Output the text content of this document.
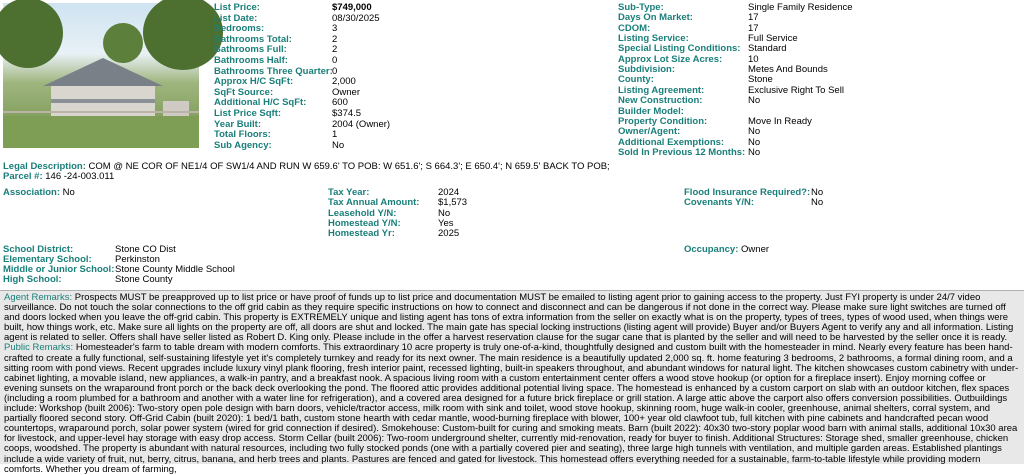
List Price:	$749,000
List Date:	08/30/2025
Bedrooms:	3
Bathrooms Total:	2
Bathrooms Full:	2
Bathrooms Half:	0
Bathrooms Three Quarter: 0
Approx H/C SqFt:	2,000
SqFt Source:	Owner
Additional H/C SqFt:	600
List Price Sqft:	$374.5
Year Built:	2004 (Owner)
Total Floors:	1
Sub Agency:	No
Sub-Type:	Single Family Residence
Days On Market:	17
CDOM:	17
Listing Service:	Full Service
Special Listing Conditions: Standard
Approx Lot Size Acres:	10
Subdivision:	Metes And Bounds
County:	Stone
Listing Agreement:	Exclusive Right To Sell
New Construction:	No
Builder Model:
Property Condition:	Move In Ready
Owner/Agent:	No
Additional Exemptions:	No
Sold In Previous 12 Months: No
Legal Description: COM @ NE COR OF NE1/4 OF SW1/4 AND RUN W 659.6' TO POB: W 651.6'; S 664.3'; E 650.4'; N 659.5' BACK TO POB;
Parcel #: 146 -24-003.011
Association: No	Tax Year:	2024
Tax Annual Amount: $1,573
Leasehold Y/N:	No
Homestead Y/N:	Yes
Homestead Yr:	2025
Flood Insurance Required?: No
Covenants Y/N:	No
School District:	Stone CO Dist
Elementary School: Perkinston
Middle or Junior School: Stone County Middle School
High School:	Stone County
Occupancy: Owner
Agent Remarks: Prospects MUST be preapproved up to list price or have proof of funds up to list price and documentation MUST be emailed to listing agent prior to gaining access to the property. Just FYI property is under 24/7 video surveillance. Do not touch the solar connections to the off grid cabin as they require specific instructions on how to connect and disconnect and can be dangerous if not done in the correct way. Please make sure light switches are turned off and doors locked when you leave the off-grid cabin. This property is EXTREMELY unique and listing agent has tons of extra information from the seller on exactly what is on the property, types of trees, types of wood used, when things were built, how things work, etc. Make sure all lights on the property are off, all doors are shut and locked. The main gate has special locking instructions (listing agent will provide) Buyer and/or Buyers Agent to verify any and all information. Listing agent is related to seller. Offers shall have seller listed as Robert D. King only. Please include in the offer a harvest reservation clause for the sugar cane that is planted by the seller and will need to be harvested by the seller once it is ready. Public Remarks: Homesteader's farm to table dream with modern comforts. This extraordinary 10 acre property is truly one-of-a-kind, thoughtfully designed and custom built with the homesteader in mind. Nearly every feature has been hand-crafted to create a fully functional, self-sustaining lifestyle yet it's completely turnkey and ready for its next owner. The main residence is a beautifully updated 2,000 sq. ft. home featuring 3 bedrooms, 2 bathrooms, a formal dining room, and a sitting room with pond views. Recent upgrades include luxury vinyl plank flooring, fresh interior paint, recessed lighting, built-in speakers throughout, and abundant windows for natural light. The kitchen showcases custom cabinetry with under-cabinet lighting, a movable island, new appliances, a walk-in pantry, and a breakfast nook. A spacious living room with a custom entertainment center offers a wood stove hookup (or option for a fireplace insert). Enjoy morning coffee or evening sunsets on the wraparound front porch or the back deck overlooking the pond. The floored attic provides additional potential living space. The homestead is enhanced by a custom carport on slab with an outdoor kitchen, flex spaces (including a room plumbed for a bathroom and another with a water line for refrigeration), and a covered area designed for a future brick fireplace or grill station. A large attic above the carport also offers conversion possibilities. Outbuildings include: Workshop (built 2006): Two-story open pole design with barn doors, vehicle/tractor access, milk room with sink and toilet, wood stove hookup, skinning room, huge walk-in cooler, greenhouse, animal shelters, corral system, and partially floored second story. Off-Grid Cabin (built 2020): 1 bed/1 bath, custom stone hearth with cedar mantle, wood-burning fireplace with blower, 100+ year old clawfoot tub, full kitchen with pine cabinets and handcrafted pecan wood countertops, wraparound porch, solar power system (wired for grid connection if desired). Smokehouse: Custom-built for curing and smoking meats. Barn (built 2022): 40x30 two-story poplar wood barn with animal stalls, additional 10x30 area for livestock, and upper-level hay storage with easy drop access. Storm Cellar (built 2006): Two-room underground shelter, currently mid-renovation, ready for buyer to finish. Additional Structures: Storage shed, smaller greenhouse, chicken coops, woodshed. The property is abundant with natural resources, including two fully stocked ponds (one with a partially covered pier and seating), three large high tunnels with ventilation, and multiple garden areas. Established plantings include a wide variety of fruit, nut, berry, citrus, banana, and herb trees and plants. Pastures are fenced and gated for livestock. This homestead offers everything needed for a sustainable, farm-to-table lifestyle while providing modern comforts. Whether you dream of farming,
